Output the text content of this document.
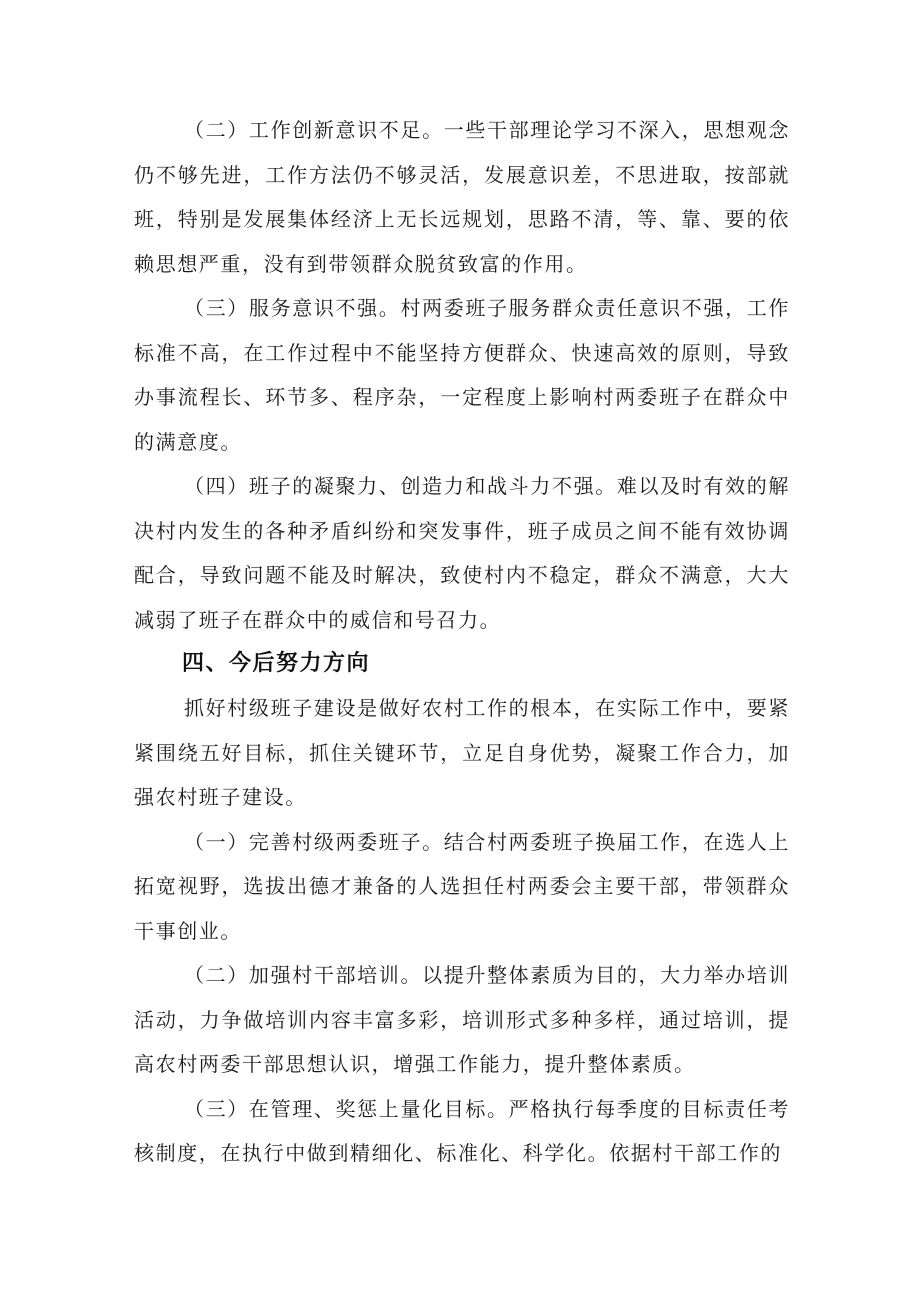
（二）工作创新意识不足。一些干部理论学习不深入，思想观念仍不够先进，工作方法仍不够灵活，发展意识差，不思进取，按部就班，特别是发展集体经济上无长远规划，思路不清，等、靠、要的依赖思想严重，没有到带领群众脱贫致富的作用。

（三）服务意识不强。村两委班子服务群众责任意识不强，工作标准不高，在工作过程中不能坚持方便群众、快速高效的原则，导致办事流程长、环节多、程序杂，一定程度上影响村两委班子在群众中的满意度。

（四）班子的凝聚力、创造力和战斗力不强。难以及时有效的解决村内发生的各种矛盾纠纷和突发事件，班子成员之间不能有效协调配合，导致问题不能及时解决，致使村内不稳定，群众不满意，大大减弱了班子在群众中的威信和号召力。

四、今后努力方向

抓好村级班子建设是做好农村工作的根本，在实际工作中，要紧紧围绕五好目标，抓住关键环节，立足自身优势，凝聚工作合力，加强农村班子建设。

（一）完善村级两委班子。结合村两委班子换届工作，在选人上拓宽视野，选拔出德才兼备的人选担任村两委会主要干部，带领群众干事创业。

（二）加强村干部培训。以提升整体素质为目的，大力举办培训活动，力争做培训内容丰富多彩，培训形式多种多样，通过培训，提高农村两委干部思想认识，增强工作能力，提升整体素质。

（三）在管理、奖惩上量化目标。严格执行每季度的目标责任考核制度，在执行中做到精细化、标准化、科学化。依据村干部工作的
